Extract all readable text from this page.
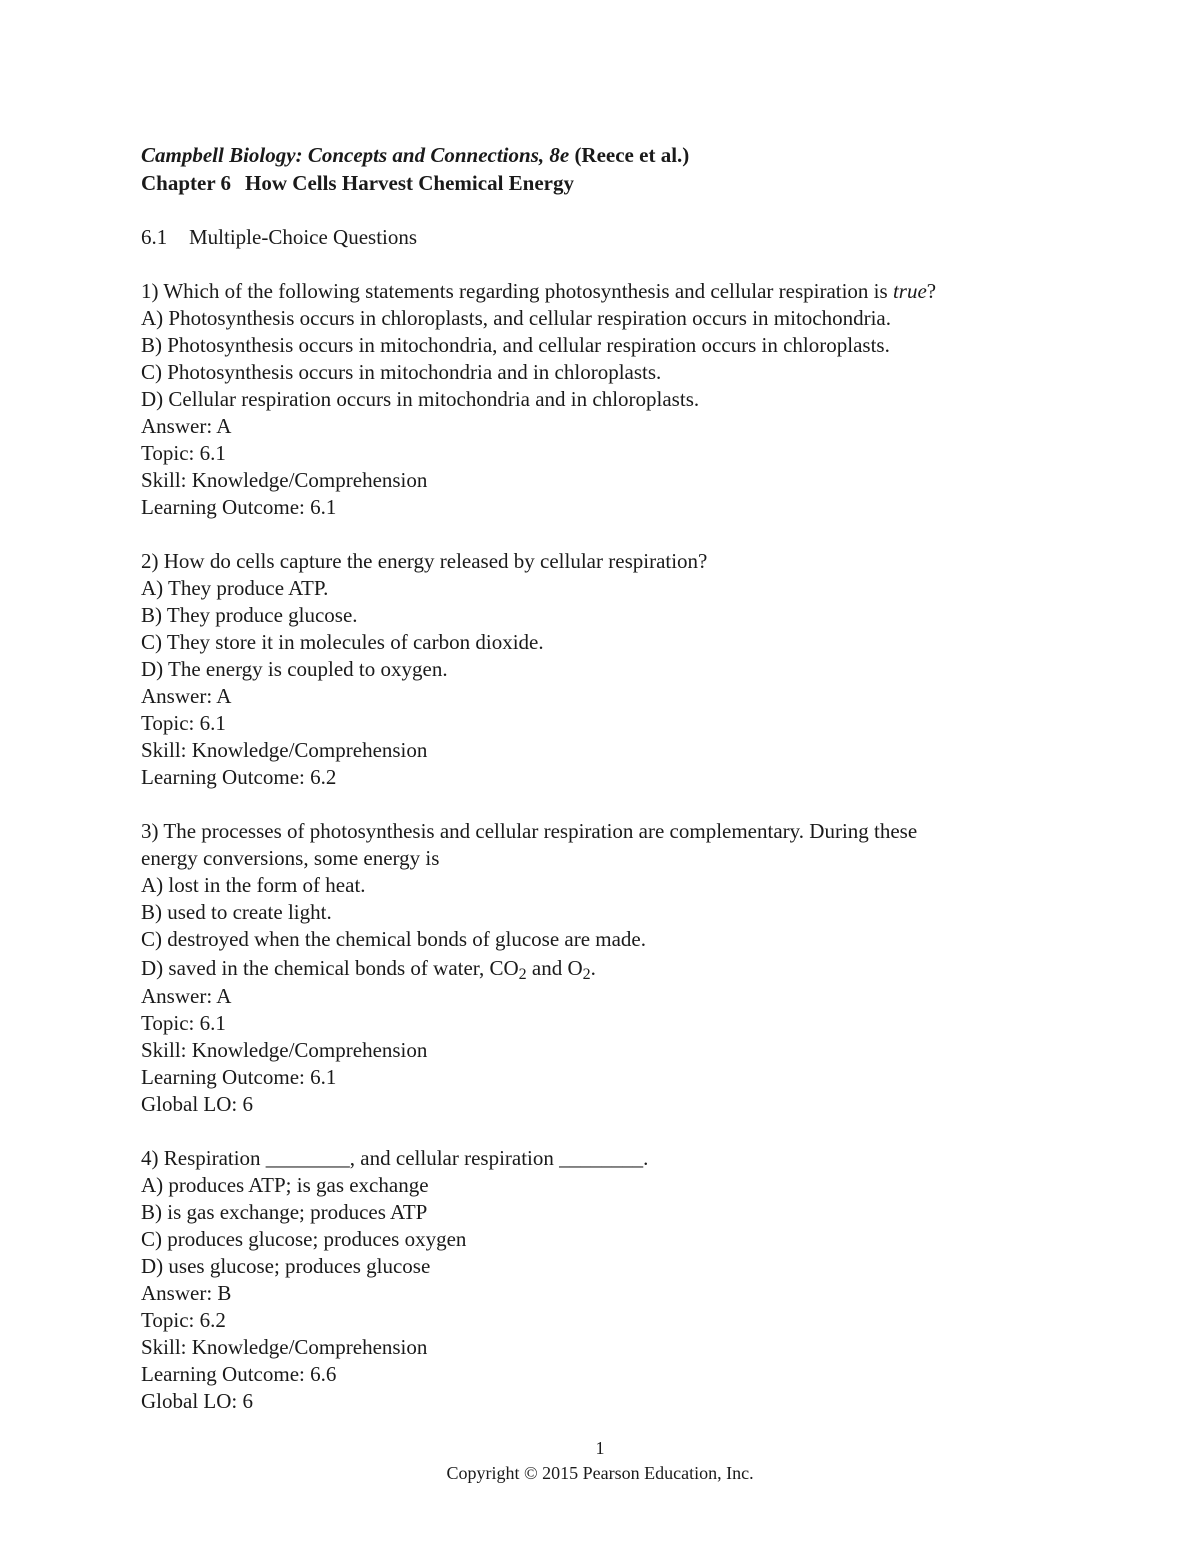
Campbell Biology: Concepts and Connections, 8e (Reece et al.)

Chapter 6 How Cells Harvest Chemical Energy

6.1 Multiple-Choice Questions

1) Which of the following statements regarding photosynthesis and cellular respiration is true?

A) Photosynthesis occurs in chloroplasts, and cellular respiration occurs in mitochondria.

B) Photosynthesis occurs in mitochondria, and cellular respiration occurs in chloroplasts.

C) Photosynthesis occurs in mitochondria and in chloroplasts.

D) Cellular respiration occurs in mitochondria and in chloroplasts.

Answer: A

Topic: 6.1

Skill: Knowledge/Comprehension

Learning Outcome: 6.1

2) How do cells capture the energy released by cellular respiration?

A) They produce ATP.

B) They produce glucose.

C) They store it in molecules of carbon dioxide.

D) The energy is coupled to oxygen.

Answer: A

Topic: 6.1

Skill: Knowledge/Comprehension

Learning Outcome: 6.2

3) The processes of photosynthesis and cellular respiration are complementary. During these

energy conversions, some energy is

A) lost in the form of heat.

B) used to create light.

C) destroyed when the chemical bonds of glucose are made.

D) saved in the chemical bonds of water, $CO_2$ and $O_2$.

Answer: A

Topic: 6.1

Skill: Knowledge/Comprehension

Learning Outcome: 6.1

Global LO: 6

4) Respiration ________, and cellular respiration ________.

A) produces ATP; is gas exchange

B) is gas exchange; produces ATP

C) produces glucose; produces oxygen

D) uses glucose; produces glucose

Answer: B

Topic: 6.2

Skill: Knowledge/Comprehension

Learning Outcome: 6.6

Global LO: 6

1
Copyright © 2015 Pearson Education, Inc.
